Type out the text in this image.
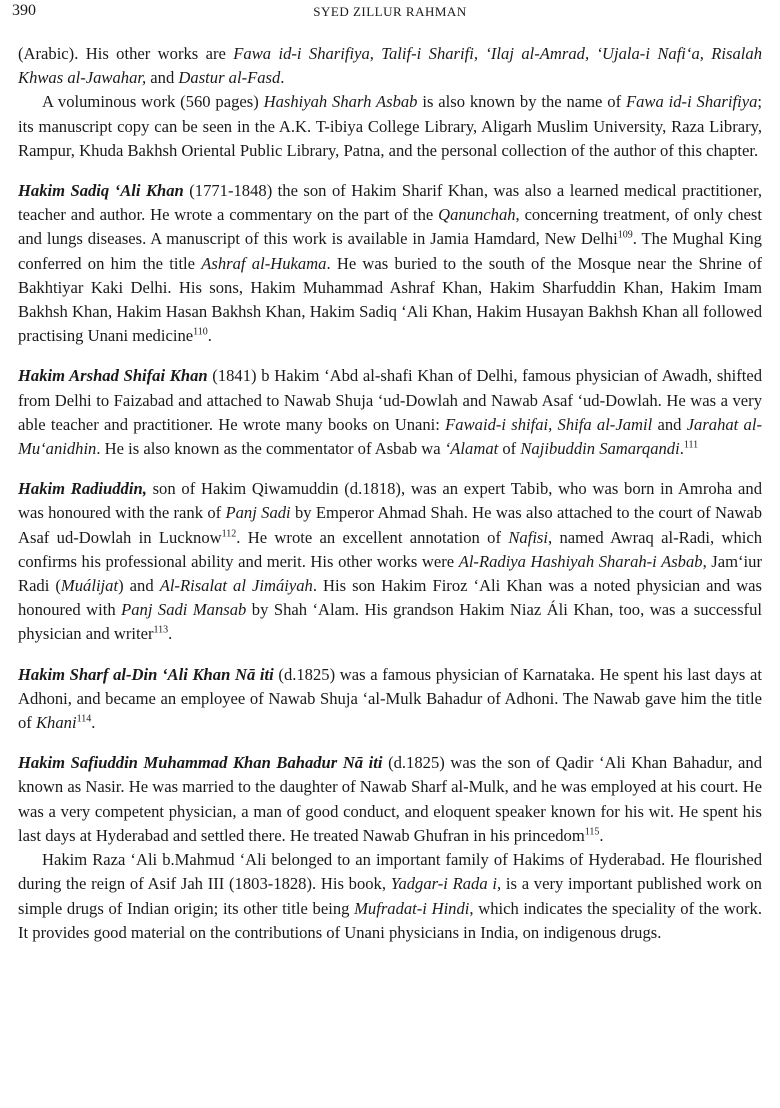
390	SYED ZILLUR RAHMAN

(Arabic). His other works are Fawa id-i Sharifiya, Talif-i Sharifi, ‘Ilaj al-Amrad, ‘Ujala-i Nafi‘a, Risalah Khwas al-Jawahar, and Dastur al-Fasd.

A voluminous work (560 pages) Hashiyah Sharh Asbab is also known by the name of Fawa id-i Sharifiya; its manuscript copy can be seen in the A.K. T-ibiya College Library, Aligarh Muslim University, Raza Library, Rampur, Khuda Bakhsh Oriental Public Library, Patna, and the personal collection of the author of this chapter.

Hakim Sadiq ‘Ali Khan (1771-1848) the son of Hakim Sharif Khan, was also a learned medical practitioner, teacher and author. He wrote a commentary on the part of the Qanunchah, concerning treatment, of only chest and lungs diseases. A manuscript of this work is available in Jamia Hamdard, New Delhi$^{109}$. The Mughal King conferred on him the title Ashraf al-Hukama. He was buried to the south of the Mosque near the Shrine of Bakhtiyar Kaki Delhi. His sons, Hakim Muhammad Ashraf Khan, Hakim Sharfuddin Khan, Hakim Imam Bakhsh Khan, Hakim Hasan Bakhsh Khan, Hakim Sadiq ‘Ali Khan, Hakim Husayan Bakhsh Khan all followed practising Unani medicine$^{110}$.

Hakim Arshad Shifai Khan (1841) b Hakim ‘Abd al-shafi Khan of Delhi, famous physician of Awadh, shifted from Delhi to Faizabad and attached to Nawab Shuja ‘ud-Dowlah and Nawab Asaf ‘ud-Dowlah. He was a very able teacher and practitioner. He wrote many books on Unani: Fawaid-i shifai, Shifa al-Jamil and Jarahat al- Mu‘anidhin. He is also known as the commentator of Asbab wa ‘Alamat of Najibuddin Samarqandi.$^{111}$

Hakim Radiuddin, son of Hakim Qiwamuddin (d.1818), was an expert Tabib, who was born in Amroha and was honoured with the rank of Panj Sadi by Emperor Ahmad Shah. He was also attached to the court of Nawab Asaf ud-Dowlah in Lucknow$^{112}$. He wrote an excellent annotation of Nafisi, named Awraq al-Radi, which confirms his professional ability and merit. His other works were Al-Radiya Hashiyah Sharah-i Asbab, Jam‘iur Radi (Muálijat) and Al-Risalat al Jimáiyah. His son Hakim Firoz ‘Ali Khan was a noted physician and was honoured with Panj Sadi Mansab by Shah ‘Alam. His grandson Hakim Niaz Áli Khan, too, was a successful physician and writer$^{113}$.

Hakim Sharf al-Din ‘Ali Khan Nā iti (d.1825) was a famous physician of Karnataka. He spent his last days at Adhoni, and became an employee of Nawab Shuja ‘al-Mulk Bahadur of Adhoni. The Nawab gave him the title of Khani$^{114}$.

Hakim Safiuddin Muhammad Khan Bahadur Nā iti (d.1825) was the son of Qadir ‘Ali Khan Bahadur, and known as Nasir. He was married to the daughter of Nawab Sharf al-Mulk, and he was employed at his court. He was a very competent physician, a man of good conduct, and eloquent speaker known for his wit. He spent his last days at Hyderabad and settled there. He treated Nawab Ghufran in his princedom$^{115}$.

Hakim Raza ‘Ali b.Mahmud ‘Ali belonged to an important family of Hakims of Hyderabad. He flourished during the reign of Asif Jah III (1803-1828). His book, Yadgar-i Rada i, is a very important published work on simple drugs of Indian origin; its other title being Mufradat-i Hindi, which indicates the speciality of the work. It provides good material on the contributions of Unani physicians in India, on indigenous drugs.
